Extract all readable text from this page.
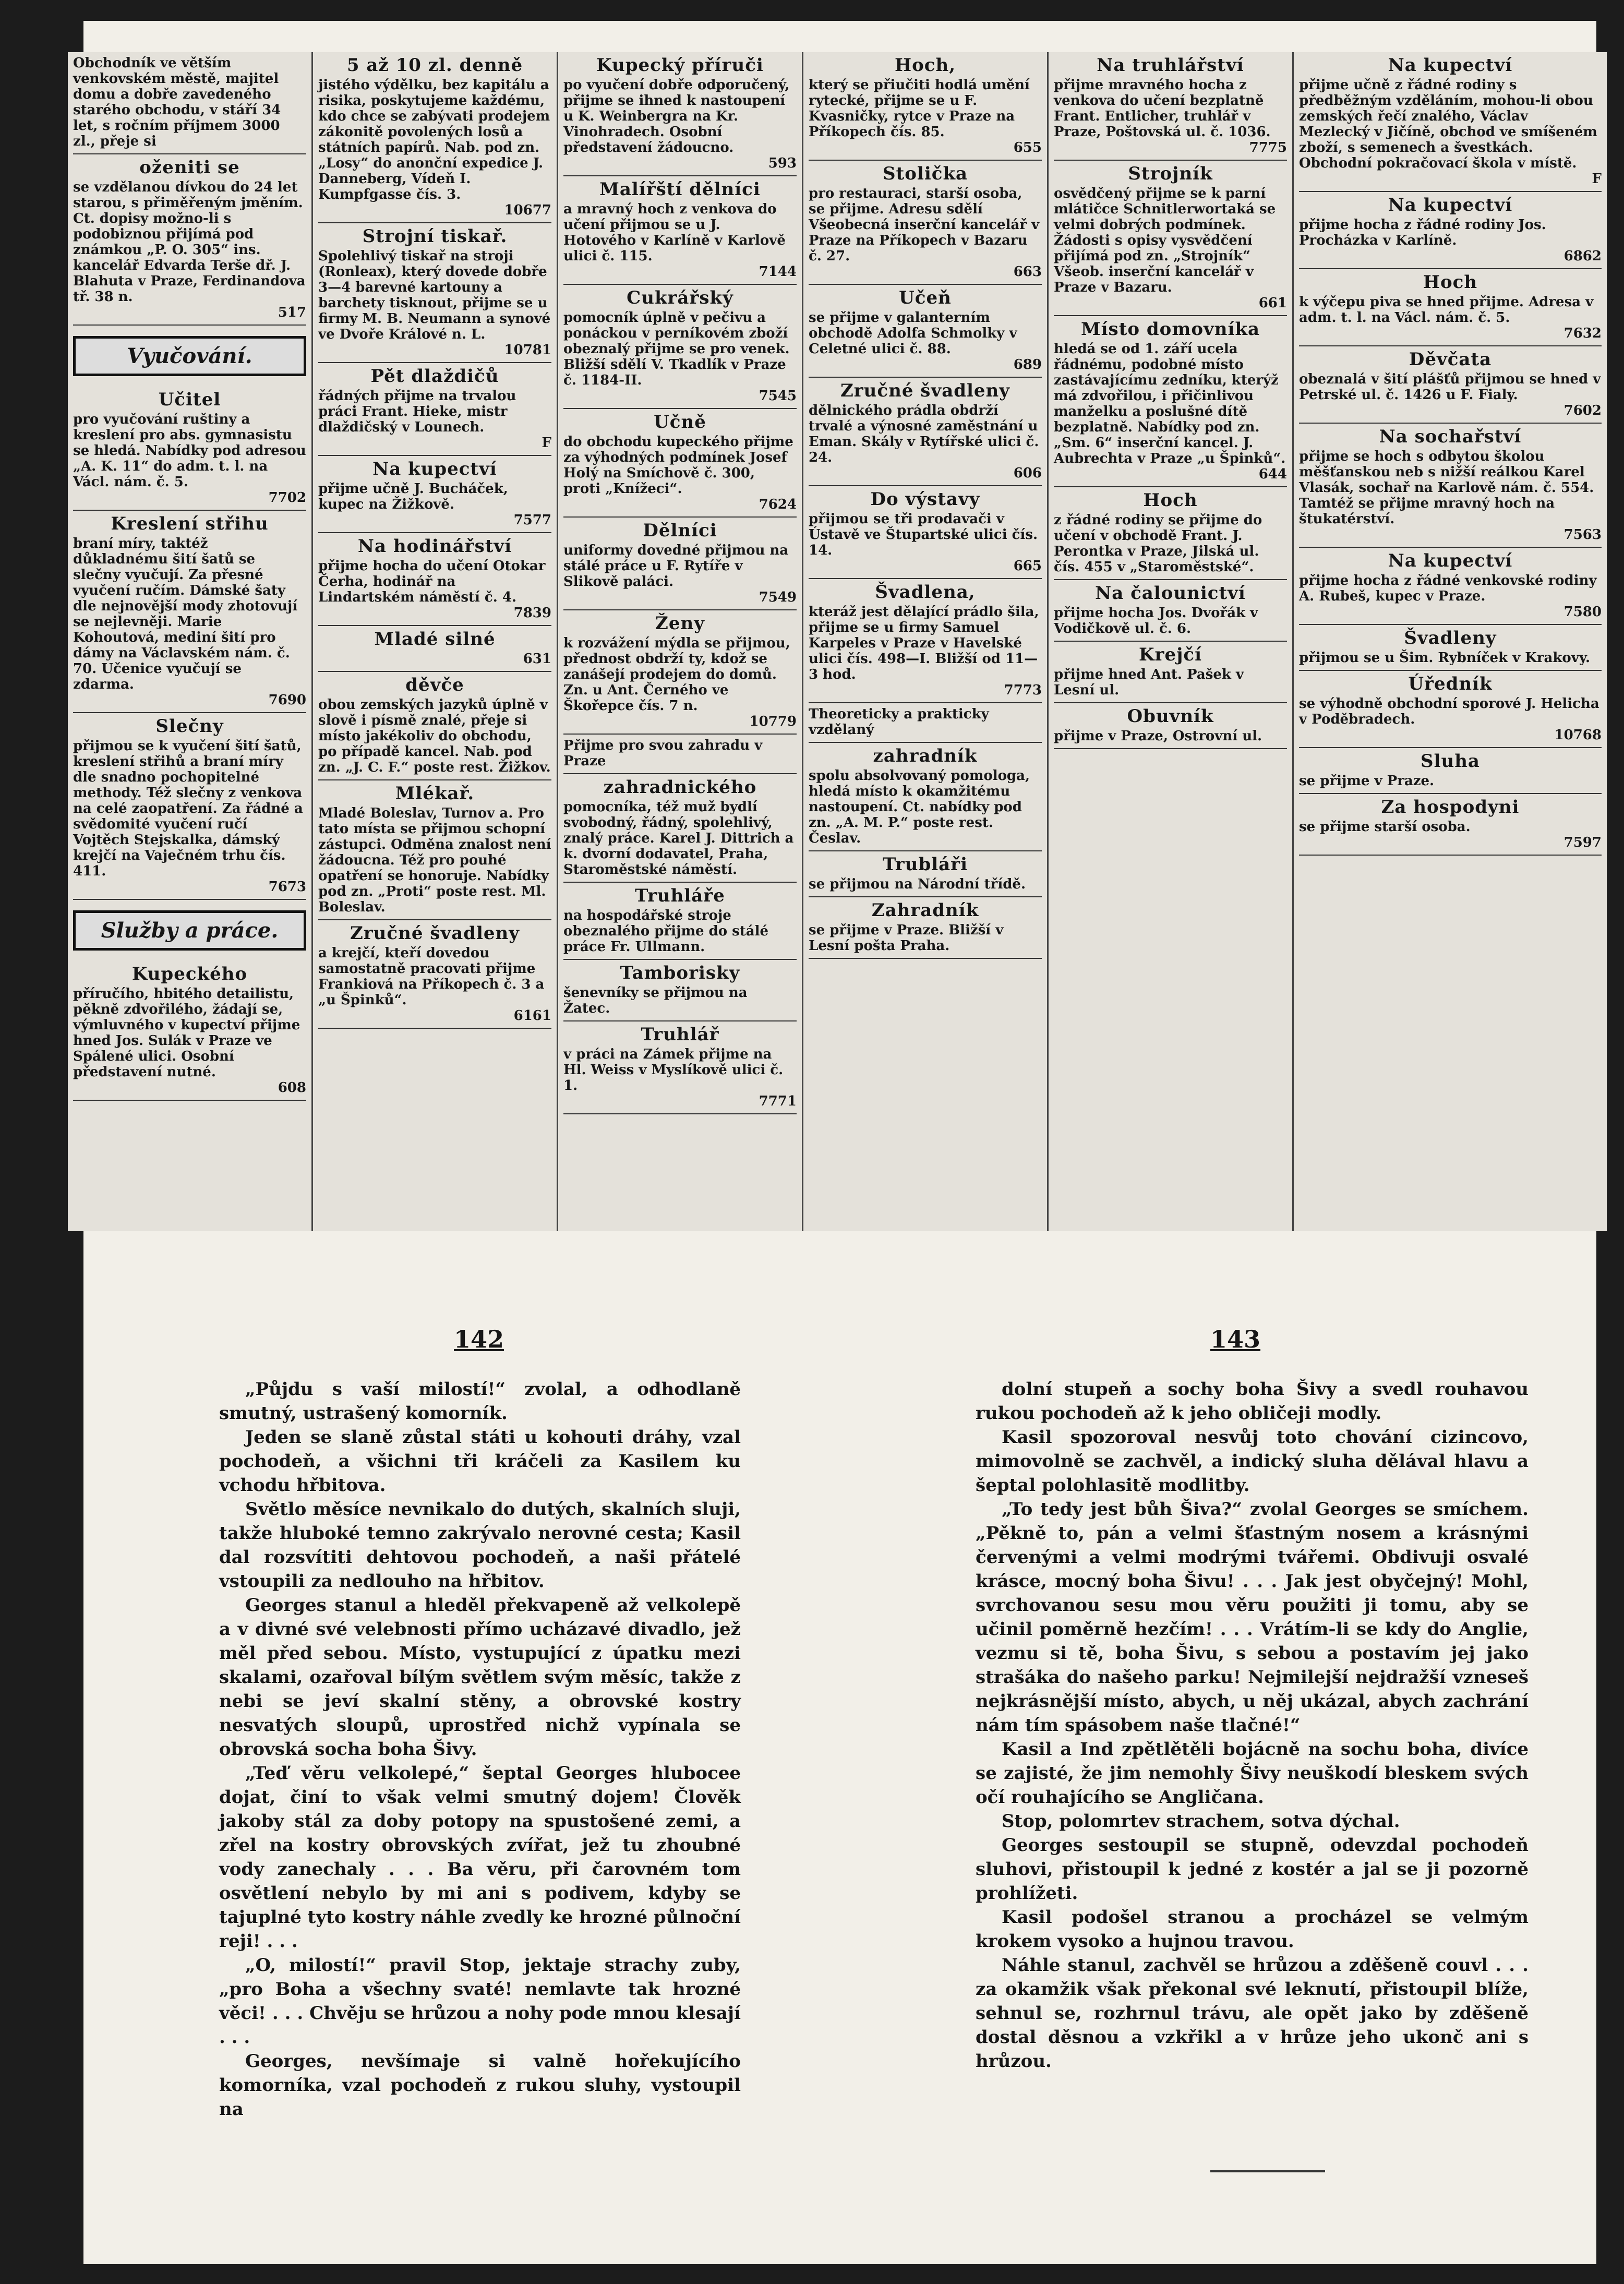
Obchodník ve větším venkovském městě, majitel domu a dobře zavedeného starého obchodu, v stáří 34 let, s ročním příjmem 3000 zl., přeje si
oženiti se
se vzdělanou dívkou do 24 let starou, s přiměřeným jměním. Ct. dopisy možno-li s podobiznou přijímá pod známkou „P. O. 305“ ins. kancelář Edvarda Terše dř. J. Blahuta v Praze, Ferdinandova tř. 38 n.
517
Vyučování.
Učitel
pro vyučování ruštiny a kreslení pro abs. gymnasistu se hledá. Nabídky pod adresou „A. K. 11“ do adm. t. l. na Václ. nám. č. 5.
7702
Kreslení střihu
braní míry, taktéž důkladnému šití šatů se slečny vyučují. Za přesné vyučení ručím. Dámské šaty dle nejnovější mody zhotovují se nejlevněji. Marie Kohoutová, mediní šití pro dámy na Václavském nám. č. 70. Učenice vyučují se zdarma.
7690
Slečny
přijmou se k vyučení šití šatů, kreslení střihů a braní míry dle snadno pochopitelné methody. Též slečny z venkova na celé zaopatření. Za řádné a svědomité vyučení ručí Vojtěch Stejskalka, dámský krejčí na Vaječném trhu čís. 411.
7673
Služby a práce.
Kupeckého
příručího, hbitého detailistu, pěkně zdvořilého, žádají se, výmluvného v kupectví přijme hned Jos. Sulák v Praze ve Spálené ulici. Osobní představení nutné.
608
5 až 10 zl. denně
jistého výdělku, bez kapitálu a risika, poskytujeme každému, kdo chce se zabývati prodejem zákonitě povolených losů a státních papírů. Nab. pod zn. „Losy“ do anonční expedice J. Danneberg, Vídeň I. Kumpfgasse čís. 3.
10677
Strojní tiskař.
Spolehlivý tiskař na stroji (Ronleax), který dovede dobře 3—4 barevné kartouny a barchety tisknout, přijme se u firmy M. B. Neumann a synové ve Dvoře Králové n. L.
10781
Pět dlaždičů
řádných přijme na trvalou práci Frant. Hieke, mistr dlaždičský v Lounech.
F
Na kupectví
přijme učně J. Bucháček, kupec na Žižkově.
7577
Na hodinářství
přijme hocha do učení Otokar Čerha, hodinář na Lindartském náměstí č. 4.
7839
Mladé silné
631
děvče
obou zemských jazyků úplně v slově i písmě znalé, přeje si místo jakékoliv do obchodu, po případě kancel. Nab. pod zn. „J. C. F.“ poste rest. Žižkov.
Mlékař.
Mladé Boleslav, Turnov a. Pro tato místa se přijmou schopní zástupci. Odměna znalost není žádoucna. Též pro pouhé opatření se honoruje. Nabídky pod zn. „Proti“ poste rest. Ml. Boleslav.
Zručné švadleny
a krejčí, kteří dovedou samostatně pracovati přijme Frankiová na Příkopech č. 3 a „u Špinků“.
6161
Kupecký příruči
po vyučení dobře odporučený, přijme se ihned k nastoupení u K. Weinbergra na Kr. Vinohradech. Osobní představení žádoucno.
593
Malířští dělníci
a mravný hoch z venkova do učení přijmou se u J. Hotového v Karlíně v Karlově ulici č. 115.
7144
Cukrářský
pomocník úplně v pečivu a ponáckou v perníkovém zboží obeznalý přijme se pro venek. Bližší sdělí V. Tkadlík v Praze č. 1184-II.
7545
Učně
do obchodu kupeckého přijme za výhodných podmínek Josef Holý na Smíchově č. 300, proti „Knížeci“.
7624
Dělníci
uniformy dovedné přijmou na stálé práce u F. Rytíře v Slikově paláci.
7549
Ženy
k rozvážení mýdla se přijmou, přednost obdrží ty, kdož se zanášejí prodejem do domů. Zn. u Ant. Černého ve Škořepce čís. 7 n.
10779
Přijme pro svou zahradu v Praze
zahradnického
pomocníka, též muž bydlí svobodný, řádný, spolehlivý, znalý práce. Karel J. Dittrich a k. dvorní dodavatel, Praha, Staroměstské náměstí.
Truhláře
na hospodářské stroje obeznalého přijme do stálé práce Fr. Ullmann.
Tamborisky
šenevníky se přijmou na Žatec.
Truhlář
v práci na Zámek přijme na Hl. Weiss v Myslíkově ulici č. 1.
7771
Hoch,
který se přiučiti hodlá umění rytecké, přijme se u F. Kvasničky, rytce v Praze na Příkopech čís. 85.
655
Stolička
pro restauraci, starší osoba, se přijme. Adresu sdělí Všeobecná inserční kancelář v Praze na Příkopech v Bazaru č. 27.
663
Učeň
se přijme v galanterním obchodě Adolfa Schmolky v Celetné ulici č. 88.
689
Zručné švadleny
dělnického prádla obdrží trvalé a výnosné zaměstnání u Eman. Skály v Rytířské ulici č. 24.
606
Do výstavy
přijmou se tři prodavači v Ústavě ve Štupartské ulici čís. 14.
665
Švadlena,
kteráž jest dělající prádlo šila, přijme se u firmy Samuel Karpeles v Praze v Havelské ulici čís. 498—I. Bližší od 11—3 hod.
7773
Theoreticky a prakticky vzdělaný
zahradník
spolu absolvovaný pomologa, hledá místo k okamžitému nastoupení. Ct. nabídky pod zn. „A. M. P.“ poste rest. Česlav.
Trubláři
se přijmou na Národní třídě.
Zahradník
se přijme v Praze. Bližší v Lesní pošta Praha.
Na truhlářství
přijme mravného hocha z venkova do učení bezplatně Frant. Entlicher, truhlář v Praze, Poštovská ul. č. 1036.
7775
Strojník
osvědčený přijme se k parní mlátičce Schnitlerwortaká se velmi dobrých podmínek. Žádosti s opisy vysvědčení přijímá pod zn. „Strojník“ Všeob. inserční kancelář v Praze v Bazaru.
661
Místo domovníka
hledá se od 1. září ucela řádnému, podobné místo zastávajícímu zedníku, kterýž má zdvořilou, i přičinlivou manželku a poslušné dítě bezplatně. Nabídky pod zn. „Sm. 6“ inserční kancel. J. Aubrechta v Praze „u Špinků“.
644
Hoch
z řádné rodiny se přijme do učení v obchodě Frant. J. Perontka v Praze, Jilská ul. čís. 455 v „Staroměstské“.
Na čalounictví
přijme hocha Jos. Dvořák v Vodičkově ul. č. 6.
Krejčí
přijme hned Ant. Pašek v Lesní ul.
Obuvník
přijme v Praze, Ostrovní ul.
Na kupectví
přijme učně z řádné rodiny s předběžným vzděláním, mohou-li obou zemských řečí znalého, Václav Mezlecký v Jičíně, obchod ve smíšeném zboží, s semenech a švestkách. Obchodní pokračovací škola v místě.
F
Na kupectví
přijme hocha z řádné rodiny Jos. Procházka v Karlíně.
6862
Hoch
k výčepu piva se hned přijme. Adresa v adm. t. l. na Václ. nám. č. 5.
7632
Děvčata
obeznalá v šití plášťů přijmou se hned v Petrské ul. č. 1426 u F. Fialy.
7602
Na sochařství
přijme se hoch s odbytou školou měšťanskou neb s nižší reálkou Karel Vlasák, sochař na Karlově nám. č. 554. Tamtéž se přijme mravný hoch na štukatérství.
7563
Na kupectví
přijme hocha z řádné venkovské rodiny A. Rubeš, kupec v Praze.
7580
Švadleny
přijmou se u Šim. Rybníček v Krakovy.
Úředník
se výhodně obchodní sporové J. Helicha v Poděbradech.
10768
Sluha
se přijme v Praze.
Za hospodyni
se přijme starší osoba.
7597
142	143

„Půjdu s vaší milostí!“ zvolal, a odhodlaně smutný, ustrašený komorník.

Jeden se slaně zůstal státi u kohouti dráhy, vzal pochodeň, a všichni tři kráčeli za Kasilem ku vchodu hřbitova.

Světlo měsíce nevnikalo do dutých, skalních sluji, takže hluboké temno zakrývalo nerovné cesta; Kasil dal rozsvítiti dehtovou pochodeň, a naši přátelé vstoupili za nedlouho na hřbitov.

Georges stanul a hleděl překvapeně až velkolepě a v divné své velebnosti přímo ucházavé divadlo, jež měl před sebou. Místo, vystupující z úpatku mezi skalami, ozařoval bílým světlem svým měsíc, takže z nebi se jeví skalní stěny, a obrovské kostry nesvatých sloupů, uprostřed nichž vypínala se obrovská socha boha Šivy.

„Teď věru velkolepé,“ šeptal Georges hlubocee dojat, činí to však velmi smutný dojem! Člověk jakoby stál za doby potopy na spustošené zemi, a zřel na kostry obrovských zvířat, jež tu zhoubné vody zanechaly . . . Ba věru, při čarovném tom osvětlení nebylo by mi ani s podivem, kdyby se tajuplné tyto kostry náhle zvedly ke hrozné půlnoční reji! . . .

„O, milostí!“ pravil Stop, jektaje strachy zuby, „pro Boha a všechny svaté! nemlavte tak hrozné věci! . . . Chvěju se hrůzou a nohy pode mnou klesají . . .

Georges, nevšímaje si valně hořekujícího komorníka, vzal pochodeň z rukou sluhy, vystoupil na

dolní stupeň a sochy boha Šivy a svedl rouhavou rukou pochodeň až k jeho obličeji modly.

Kasil spozoroval nesvůj toto chování cizincovo, mimovolně se zachvěl, a indický sluha dělával hlavu a šeptal polohlasitě modlitby.

„To tedy jest bůh Šiva?“ zvolal Georges se smíchem. „Pěkně to, pán a velmi šťastným nosem a krásnými červenými a velmi modrými tvářemi. Obdivuji osvalé krásce, mocný boha Šivu! . . . Jak jest obyčejný! Mohl, svrchovanou sesu mou věru použiti ji tomu, aby se učinil poměrně hezčím! . . . Vrátím-li se kdy do Anglie, vezmu si tě, boha Šivu, s sebou a postavím jej jako strašáka do našeho parku! Nejmilejší nejdražší vzneseš nejkrásnější místo, abych, u něj ukázal, abych zachrání nám tím spásobem naše tlačné!“

Kasil a Ind zpětlětěli bojácně na sochu boha, divíce se zajisté, že jim nemohly Šivy neuškodí bleskem svých očí rouhajícího se Angličana.

Stop, polomrtev strachem, sotva dýchal.

Georges sestoupil se stupně, odevzdal pochodeň sluhovi, přistoupil k jedné z kostér a jal se ji pozorně prohlížeti.

Kasil podošel stranou a procházel se velmým krokem vysoko a hujnou travou.

Náhle stanul, zachvěl se hrůzou a zděšeně couvl . . . za okamžik však překonal své leknutí, přistoupil blíže, sehnul se, rozhrnul trávu, ale opět jako by zděšeně dostal děsnou a vzkřikl a v hrůze jeho ukonč ani s hrůzou.
